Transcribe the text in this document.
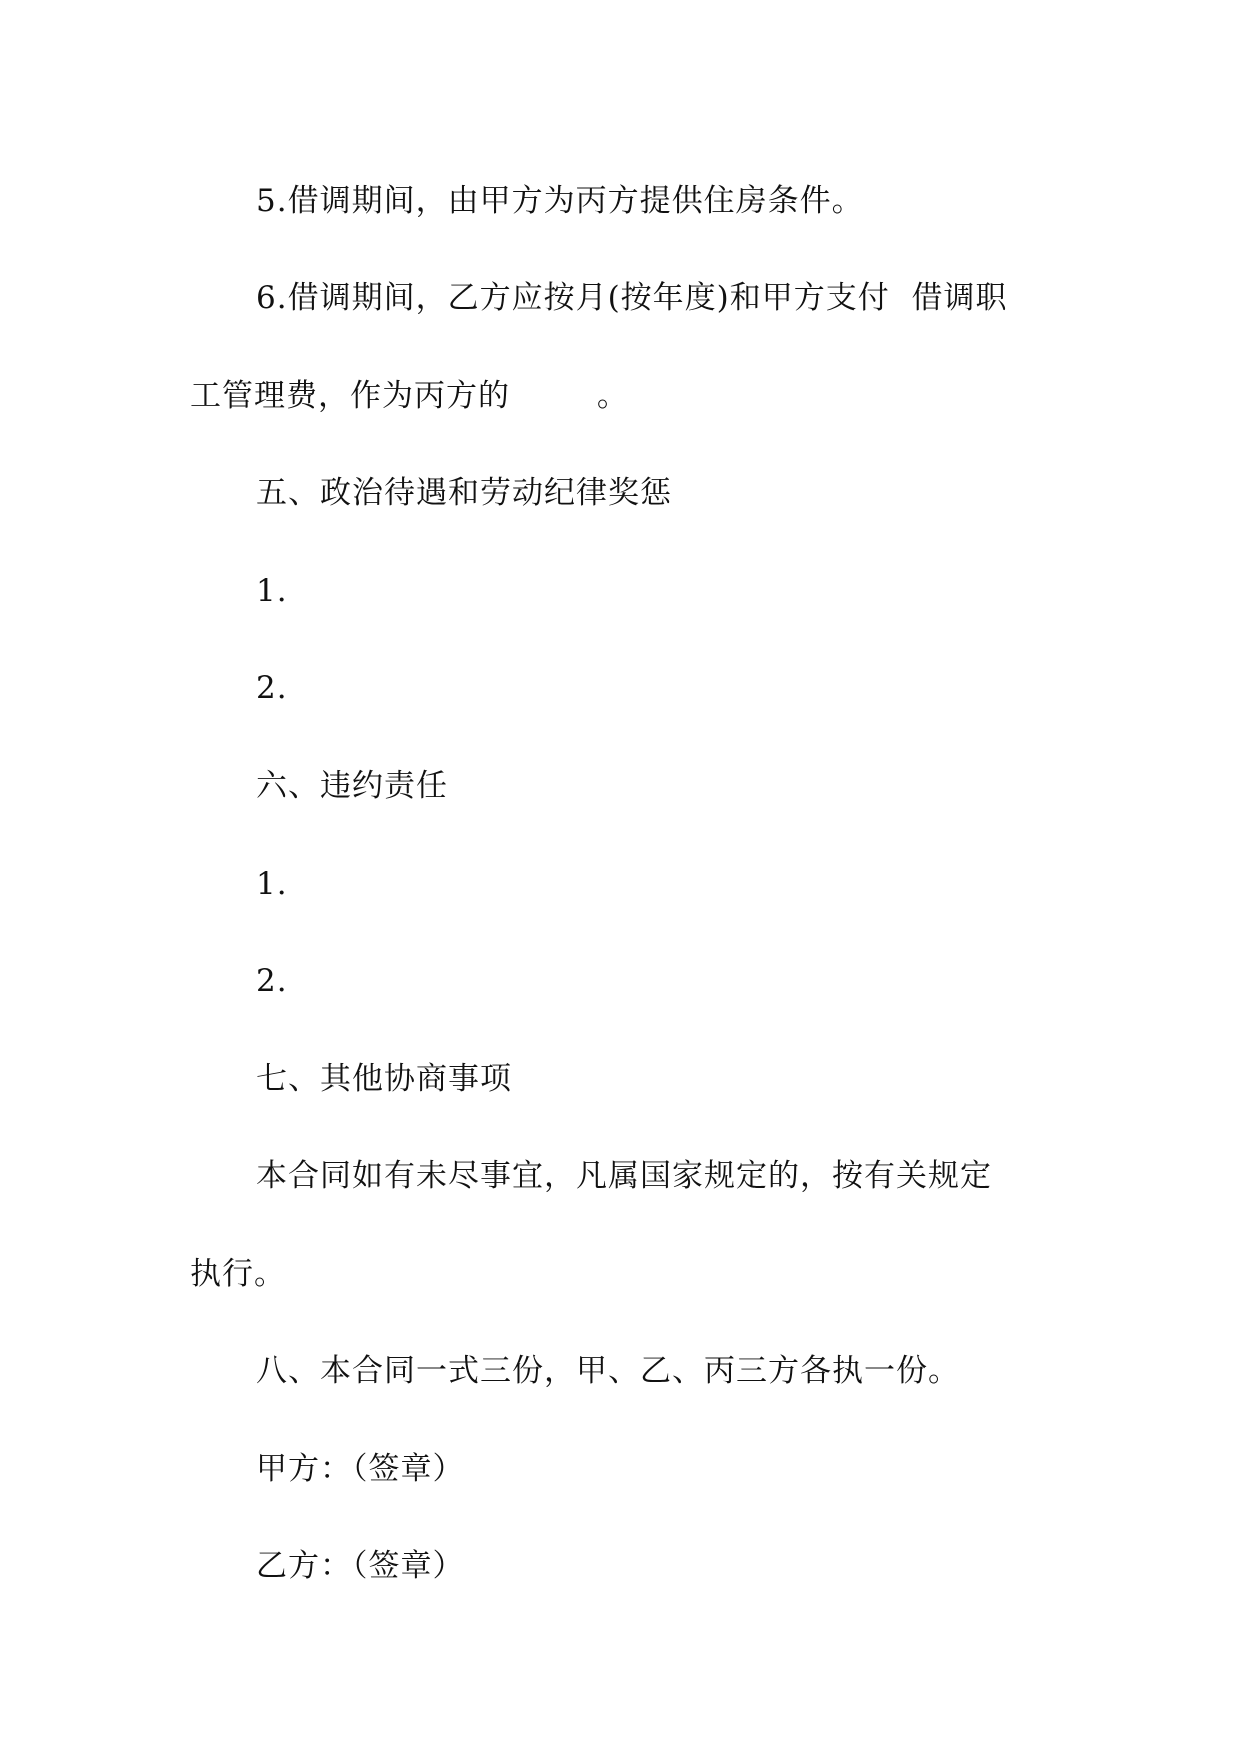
5.借调期间，由甲方为丙方提供住房条件。
6.借调期间，乙方应按月(按年度)和甲方支付  借调职
工管理费，作为丙方的        。
五、政治待遇和劳动纪律奖惩
1.
2.
六、违约责任
1.
2.
七、其他协商事项
本合同如有未尽事宜，凡属国家规定的，按有关规定
执行。
八、本合同一式三份，甲、乙、丙三方各执一份。
甲方：（签章）
乙方：（签章）
